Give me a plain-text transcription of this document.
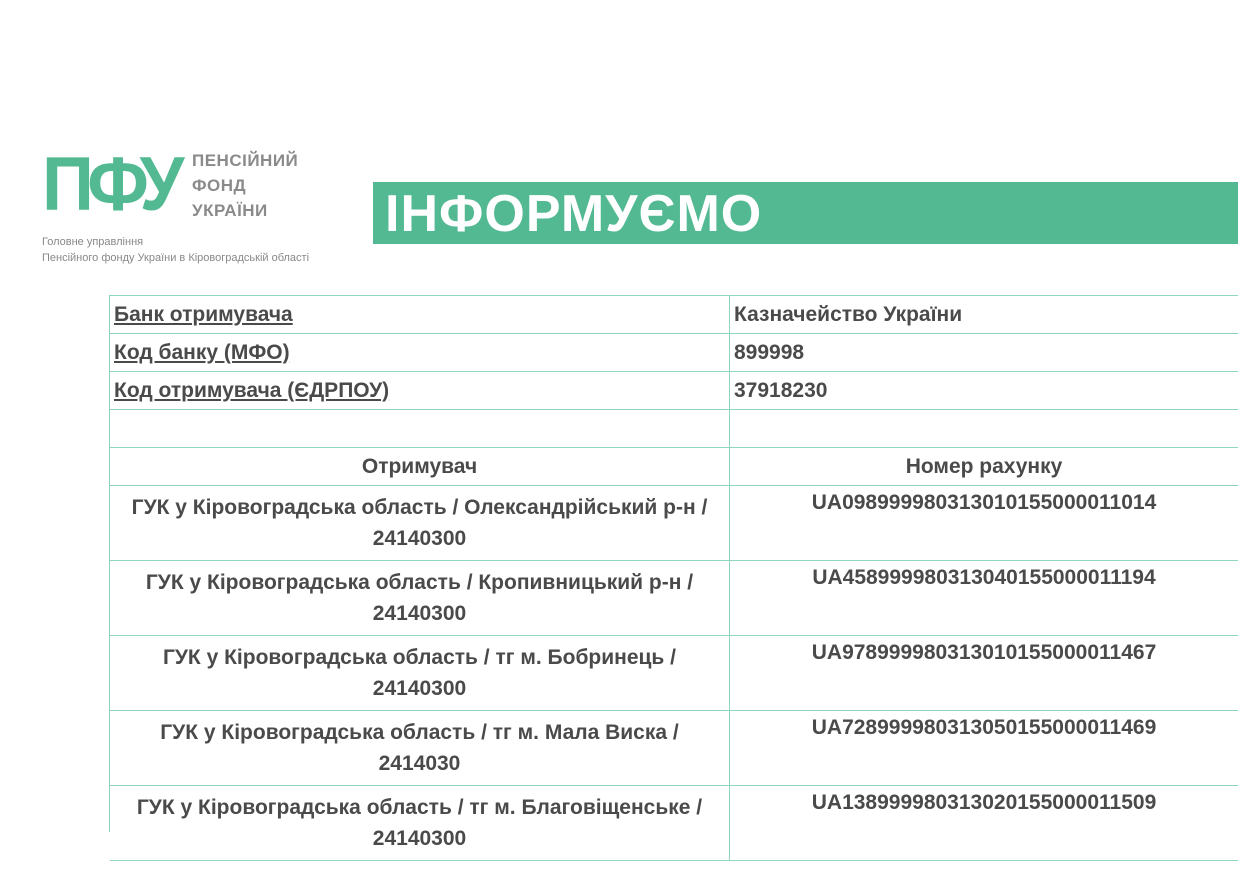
ПФУ ПЕНСІЙНИЙ
ФОНД
УКРАЇНИ
Головне управління
Пенсійного фонду України в Кіровоградській області
ІНФОРМУЄМО
Банк отримувача	Казначейство України
Код банку (МФО)	899998
Код отримувача (ЄДРПОУ)	37918230

Отримувач	Номер рахунку

ГУК у Кіровоградська область / Олександрійський р-н /
24140300	UA098999980313010155000011014

ГУК у Кіровоградська область / Кропивницький р-н /
24140300	UA458999980313040155000011194

ГУК у Кіровоградська область / тг м. Бобринець /
24140300	UA978999980313010155000011467

ГУК у Кіровоградська область / тг м. Мала Виска /
2414030	UA728999980313050155000011469

ГУК у Кіровоградська область / тг м. Благовіщенське /
24140300	UA138999980313020155000011509
